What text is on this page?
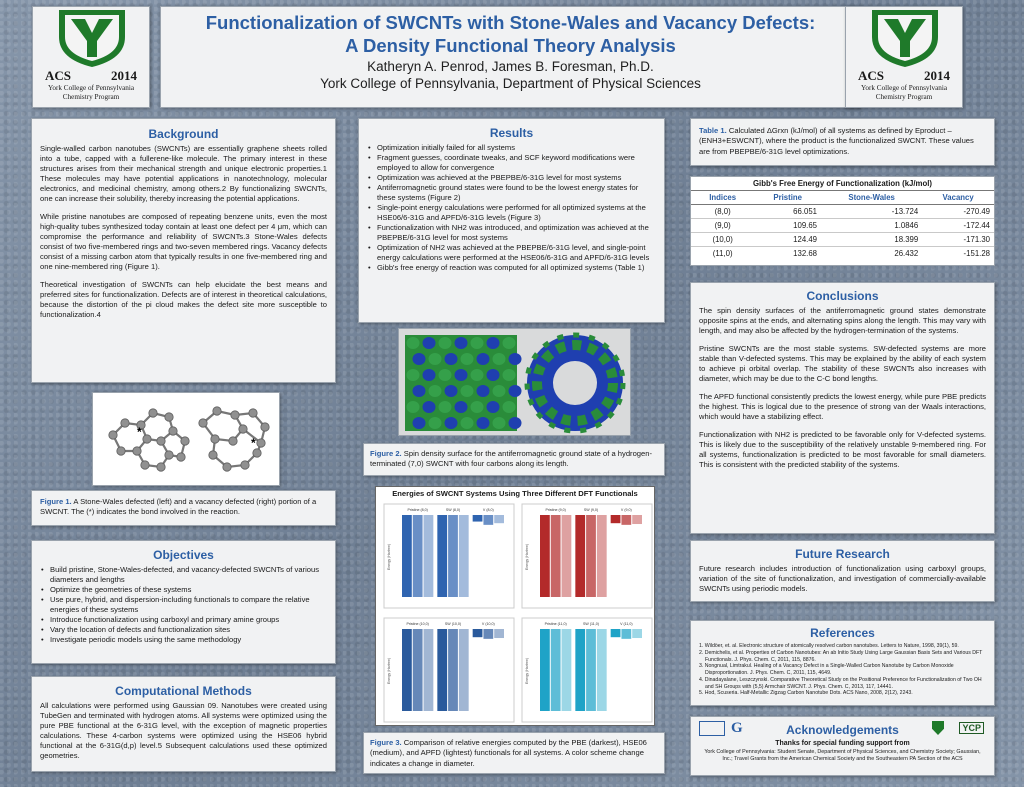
ACS	2014
York College of Pennsylvania
Chemistry Program
Functionalization of SWCNTs with Stone-Wales and Vacancy Defects:
A Density Functional Theory Analysis
Katheryn A. Penrod, James B. Foresman, Ph.D.
York College of Pennsylvania, Department of Physical Sciences
ACS	2014
York College of Pennsylvania
Chemistry Program
Background

Single-walled carbon nanotubes (SWCNTs) are essentially graphene sheets rolled into a tube, capped with a fullerene-like molecule. The primary interest in these structures arises from their mechanical strength and unique electronic properties.1 These molecules may have potential applications in nanotechnology, molecular electronics, and medicinal chemistry, among others.2 By functionalizing SWCNTs, one can increase their solubility, thereby increasing the potential applications.

While pristine nanotubes are composed of repeating benzene units, even the most high-quality tubes synthesized today contain at least one defect per 4 μm, which can compromise the performance and reliability of SWCNTs.3 Stone-Wales defects consist of two five-membered rings and two-seven membered rings. Vacancy defects consist of a missing carbon atom that typically results in one five-membered ring and one nine-membered ring (Figure 1).

Theoretical investigation of SWCNTs can help elucidate the best means and preferred sites for functionalization. Defects are of interest in theoretical calculations, because the distortion of the pi cloud makes the defect site more susceptible to functionalization.4

*
*
Figure 1. A Stone-Wales defected (left) and a vacancy defected (right) portion of a SWCNT. The (*) indicates the bond involved in the reaction.
Objectives
• Build pristine, Stone-Wales-defected, and vacancy-defected SWCNTs of various diameters and lengths
• Optimize the geometries of these systems
• Use pure, hybrid, and dispersion-including functionals to compare the relative energies of these systems
• Introduce functionalization using carboxyl and primary amine groups
• Vary the location of defects and functionalization sites
• Investigate periodic models using the same methodology
Computational Methods
All calculations were performed using Gaussian 09. Nanotubes were created using TubeGen and terminated with hydrogen atoms. All systems were optimized using the pure PBE functional at the 6-31G level, with the exception of magnetic properties calculations. These 4-carbon systems were optimized using the HSE06 hybrid functional at the 6-31G(d,p) level.5 Subsequent calculations used these optimized geometries.
Results
• Optimization initially failed for all systems
• Fragment guesses, coordinate tweaks, and SCF keyword modifications were employed to allow for convergence
• Optimization was achieved at the PBEPBE/6-31G level for most systems
• Antiferromagnetic ground states were found to be the lowest energy states for these systems (Figure 2)
• Single-point energy calculations were performed for all optimized systems at the HSE06/6-31G and APFD/6-31G levels (Figure 3)
• Functionalization with NH2 was introduced, and optimization was achieved at the PBEPBE/6-31G level for most systems
• Optimization of NH2 was achieved at the PBEPBE/6-31G level, and single-point energy calculations were performed at the HSE06/6-31G and APFD/6-31G levels
• Gibb's free energy of reaction was computed for all optimized systems (Table 1)
Figure 2. Spin density surface for the antiferromagnetic ground state of a hydrogen-terminated (7,0) SWCNT with four carbons along its length.
Energies of SWCNT Systems Using Three Different DFT Functionals
Energy (Hartree)
Pristine (8,0)	SW (8,0)	V (8,0)
Energy (Hartree)
Pristine (9,0)	SW (9,0)	V (9,0)
Energy (Hartree)
Pristine (10,0)	SW (10,0)	V (10,0)
Energy (Hartree)
Pristine (11,0)	SW (11,0)	V (11,0)
Figure 3. Comparison of relative energies computed by the PBE (darkest), HSE06 (medium), and APFD (lightest) functionals for all systems. A color scheme change indicates a change in diameter.
Table 1. Calculated ΔGrxn (kJ/mol) of all systems as defined by Eproduct – (ENH3+ESWCNT), where the product is the functionalized SWCNT. These values are from PBEPBE/6-31G level optimizations.
Gibb's Free Energy of Functionalization (kJ/mol)			
Indices	Pristine	Stone-Wales	Vacancy
(8,0)	66.051	-13.724	-270.49
(9,0)	109.65	1.0846	-172.44
(10,0)	124.49	18.399	-171.30
(11,0)	132.68	26.432	-151.28
Conclusions

The spin density surfaces of the antiferromagnetic ground states demonstrate opposite spins at the ends, and alternating spins along the length. This may vary with length, and may also be affected by the hydrogen-termination of the systems.

Pristine SWCNTs are the most stable systems. SW-defected systems are more stable than V-defected systems. This may be explained by the ability of each system to achieve pi orbital overlap. The stability of these SWCNTs also increases with diameter, which may be due to the C-C bond lengths.

The APFD functional consistently predicts the lowest energy, while pure PBE predicts the highest. This is logical due to the presence of strong van der Waals interactions, which would have a stabilizing effect.

Functionalization with NH2 is predicted to be favorable only for V-defected systems. This is likely due to the susceptibility of the relatively unstable 9-membered ring. For all systems, functionalization is predicted to be most favorable for small diameters. This is consistent with the predicted stability of the systems.

Future Research
Future research includes introduction of functionalization using carboxyl groups, variation of the site of functionalization, and investigation of commercially-available SWCNTs using periodic models.
References
1. Wildöer, et. al. Electronic structure of atomically resolved carbon nanotubes. Letters to Nature, 1998, 39(1), 59.
2. Demichelis, et al. Properties of Carbon Nanotubes: An ab Initio Study Using Large Gaussian Basis Sets and Various DFT Functionals. J. Phys. Chem. C, 2011, 115, 8876.
3. Nongnual, Limtrakul. Healing of a Vacancy Defect in a Single-Walled Carbon Nanotube by Carbon Monoxide Disproportionation. J. Phys. Chem. C, 2011, 115, 4649.
4. Dinadayalane, Leszczynski. Comparative Theoretical Study on the Positional Preference for Functionalization of Two OH and SH Groups with (5,5) Armchair SWCNT. J. Phys. Chem. C, 2013, 117, 14441.
5. Hod, Scuseria. Half-Metallic Zigzag Carbon Nanotube Dots. ACS Nano, 2008, 2(12), 2243.
G	Acknowledgements	YCP
Thanks for special funding support from
York College of Pennsylvania: Student Senate, Department of Physical Sciences, and Chemistry Society; Gaussian, Inc.; Travel Grants from the American Chemical Society and the Southeastern PA Section of the ACS
